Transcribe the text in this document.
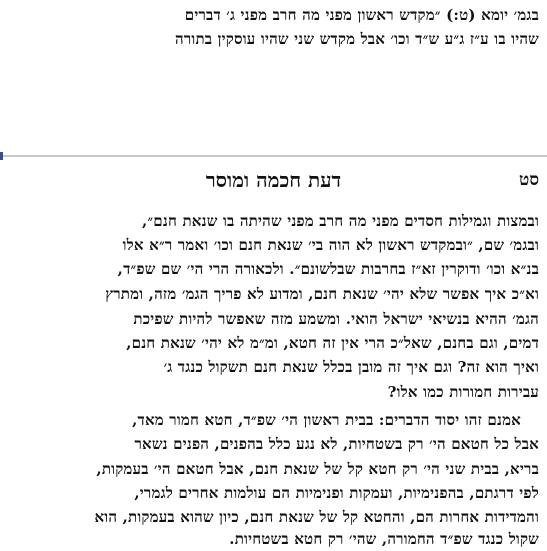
בגמ׳ יומא (ט:) ״מקדש ראשון מפני מה חרב מפני ג׳ דברים
שהיו בו ע״ז ג״ע ש״ד וכו׳ אבל מקדש שני שהיו עוסקין בתורה
דעת חכמה ומוסר	סט
ובמצות וגמילות חסדים מפני מה חרב מפני שהיתה בו שנאת חנם״,
ובגמ׳ שם, ״ובמקדש ראשון לא הוה בי׳ שנאת חנם וכו׳ ואמר ר״א אלו
בנ״א וכו׳ ודוקרין זא״ז בחרבות שבלשונם״. ולכאורה הרי הי׳ שם שפ״ד,
וא״כ איך אפשר שלא יהי׳ שנאת חנם, ומדוע לא פריך הגמ׳ מזה, ומתרץ
הגמ׳ ההיא בנשיאי ישראל הואי. ומשמע מזה שאפשר להיות שפיכת
דמים, וגם בחנם, שאל״כ הרי אין זה חטא, ומ״מ לא יהי׳ שנאת חנם,
ואיך הוא זה? וגם איך זה מובן בכלל שנאת חנם תשקול כנגד ג׳
עבירות חמורות כמו אלו?
אמנם זהו יסוד הדברים: בבית ראשון הי׳ שפ״ד, חטא חמור מאד,
אבל כל חטאם הי׳ רק בשטחיות, לא נגע כלל בהפנים, הפנים נשאר
בריא, בבית שני הי׳ רק חטא קל של שנאת חנם, אבל חטאם הי׳ בעמקות,
לפי דרגתם, בהפנימיות, ועמקות ופנימיות הם עולמות אחרים לגמרי,
והמדידות אחרות הם, והחטא קל של שנאת חנם, כיון שהוא בעמקות, הוא
שקול כנגד שפ״ד החמורה, שהי׳ רק חטא בשטחיות.
